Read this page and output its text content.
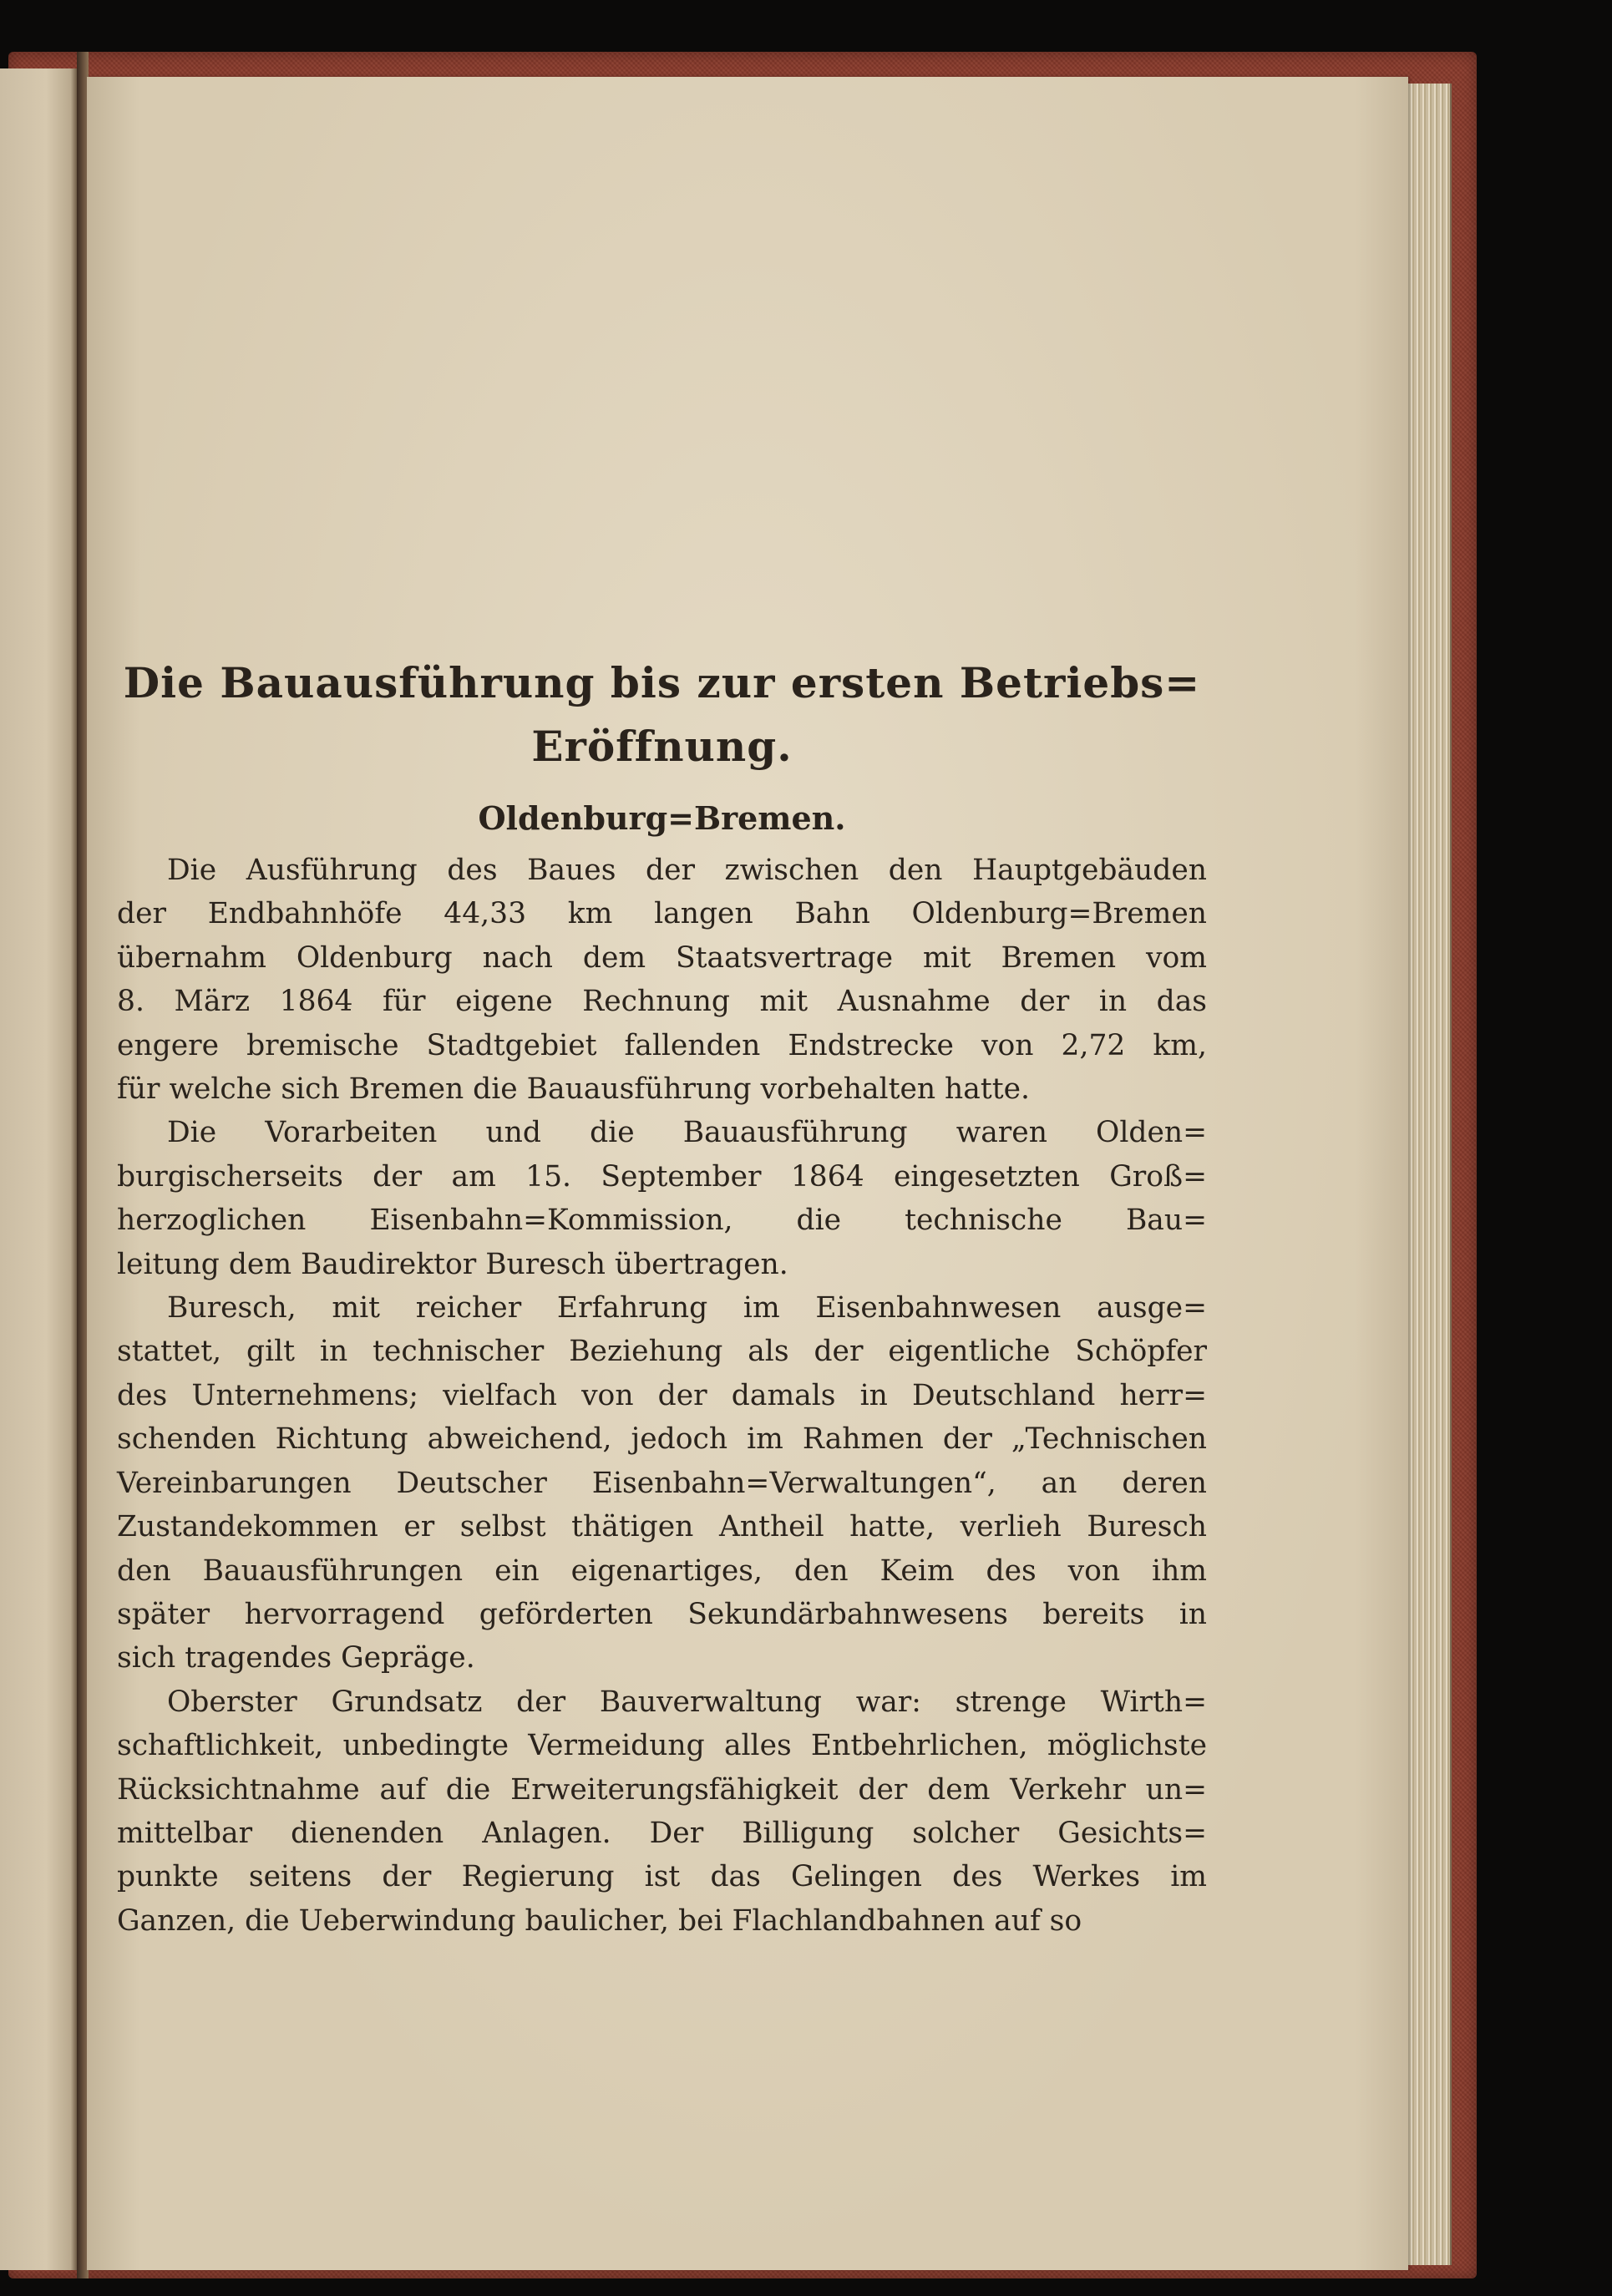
Die Bauausführung bis zur ersten Betriebs=
Eröffnung.
Oldenburg=Bremen.

Die Ausführung des Baues der zwischen den Hauptgebäuden
der Endbahnhöfe 44,33 km langen Bahn Oldenburg=Bremen
übernahm Oldenburg nach dem Staatsvertrage mit Bremen vom
8. März 1864 für eigene Rechnung mit Ausnahme der in das
engere bremische Stadtgebiet fallenden Endstrecke von 2,72 km,
für welche sich Bremen die Bauausführung vorbehalten hatte.

Die Vorarbeiten und die Bauausführung waren Olden=
burgischerseits der am 15. September 1864 eingesetzten Groß=
herzoglichen Eisenbahn=Kommission, die technische Bau=
leitung dem Baudirektor Buresch übertragen.

Buresch, mit reicher Erfahrung im Eisenbahnwesen ausge=
stattet, gilt in technischer Beziehung als der eigentliche Schöpfer
des Unternehmens; vielfach von der damals in Deutschland herr=
schenden Richtung abweichend, jedoch im Rahmen der „Technischen
Vereinbarungen Deutscher Eisenbahn=Verwaltungen“, an deren
Zustandekommen er selbst thätigen Antheil hatte, verlieh Buresch
den Bauausführungen ein eigenartiges, den Keim des von ihm
später hervorragend geförderten Sekundärbahnwesens bereits in
sich tragendes Gepräge.

Oberster Grundsatz der Bauverwaltung war: strenge Wirth=
schaftlichkeit, unbedingte Vermeidung alles Entbehrlichen, möglichste
Rücksichtnahme auf die Erweiterungsfähigkeit der dem Verkehr un=
mittelbar dienenden Anlagen. Der Billigung solcher Gesichts=
punkte seitens der Regierung ist das Gelingen des Werkes im
Ganzen, die Ueberwindung baulicher, bei Flachlandbahnen auf so
